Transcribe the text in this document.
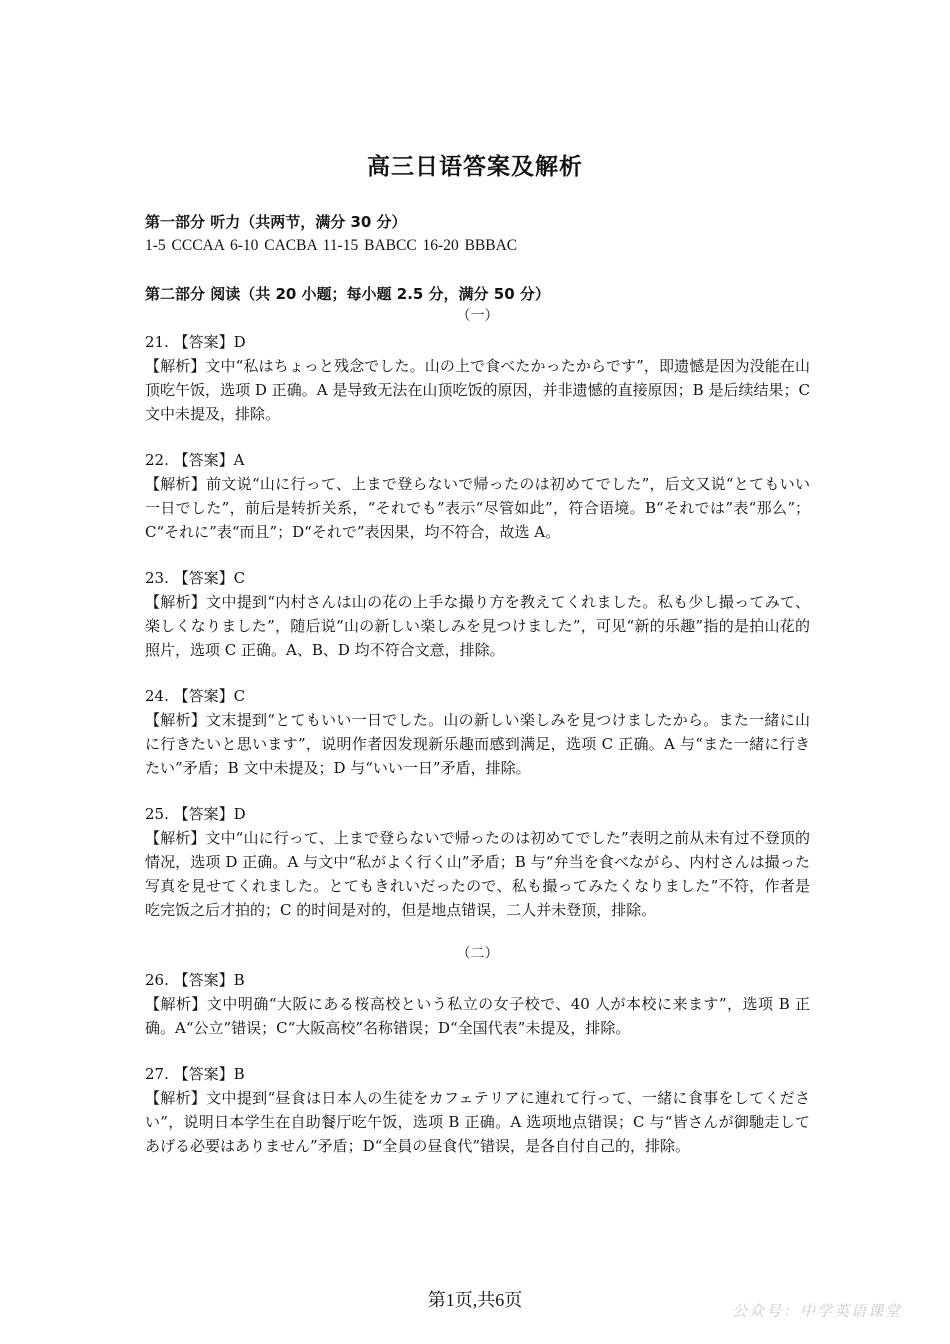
高三日语答案及解析
第一部分 听力（共两节，满分 30 分）
1-5 CCCAA 6-10 CACBA 11-15 BABCC 16-20 BBBAC
第二部分 阅读（共 20 小题；每小题 2.5 分，满分 50 分）
（一）
21. 【答案】D
【解析】文中“私はちょっと残念でした。山の上で食べたかったからです”，即遗憾是因为没能在山顶吃午饭，选项 D 正确。A 是导致无法在山顶吃饭的原因，并非遗憾的直接原因；B 是后续结果；C 文中未提及，排除。
22. 【答案】A
【解析】前文说“山に行って、上まで登らないで帰ったのは初めてでした”，后文又说“とてもいい一日でした”，前后是转折关系，“それでも”表示“尽管如此”，符合语境。B“それでは”表“那么”；C“それに”表“而且”；D“それで”表因果，均不符合，故选 A。
23. 【答案】C
【解析】文中提到“内村さんは山の花の上手な撮り方を教えてくれました。私も少し撮ってみて、楽しくなりました”，随后说“山の新しい楽しみを見つけました”，可见“新的乐趣”指的是拍山花的照片，选项 C 正确。A、B、D 均不符合文意，排除。
24. 【答案】C
【解析】文末提到“とてもいい一日でした。山の新しい楽しみを見つけましたから。また一緒に山に行きたいと思います”，说明作者因发现新乐趣而感到满足，选项 C 正确。A 与“また一緒に行きたい”矛盾；B 文中未提及；D 与“いい一日”矛盾，排除。
25. 【答案】D
【解析】文中“山に行って、上まで登らないで帰ったのは初めてでした”表明之前从未有过不登顶的情况，选项 D 正确。A 与文中“私がよく行く山”矛盾；B 与“弁当を食べながら、内村さんは撮った写真を見せてくれました。とてもきれいだったので、私も撮ってみたくなりました”不符，作者是吃完饭之后才拍的；C 的时间是对的，但是地点错误，二人并未登顶，排除。
（二）
26. 【答案】B
【解析】文中明确“大阪にある桜高校という私立の女子校で、40 人が本校に来ます”，选项 B 正确。A“公立”错误；C“大阪高校”名称错误；D“全国代表”未提及，排除。
27. 【答案】B
【解析】文中提到“昼食は日本人の生徒をカフェテリアに連れて行って、一緒に食事をしてください”，说明日本学生在自助餐厅吃午饭，选项 B 正确。A 选项地点错误；C 与“皆さんが御馳走してあげる必要はありません”矛盾；D“全員の昼食代”错误，是各自付自己的，排除。
第1页,共6页
公众号：中学英语课堂
